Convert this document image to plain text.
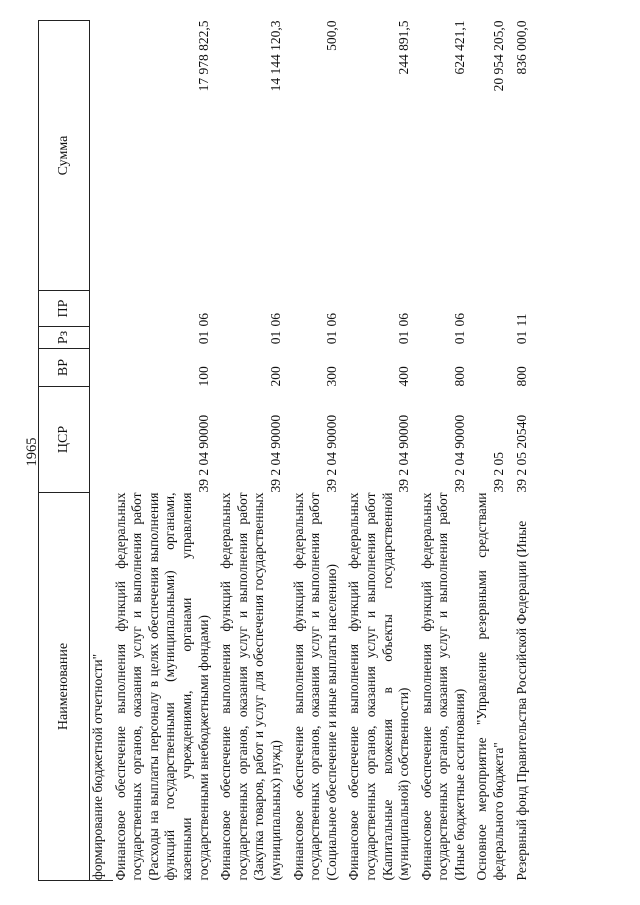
1965
Наименование	ЦСР	ВР	Рз	ПР	Сумма
формирование бюджетной отчетности"					
Финансовое обеспечение выполнения функций федеральных государственных органов, оказания услуг и выполнения работ (Расходы на выплаты персоналу в целях обеспечения выполнения функций государственными (муниципальными) органами, казенными учреждениями, органами управления государственными внебюджетными фондами)	39 2 04 90000	100	01	06	17 978 822,5

Финансовое обеспечение выполнения функций федеральных государственных органов, оказания услуг и выполнения работ (Закупка товаров, работ и услуг для обеспечения государственных (муниципальных) нужд)	39 2 04 90000	200	01	06	14 144 120,3

Финансовое обеспечение выполнения функций федеральных государственных органов, оказания услуг и выполнения работ (Социальное обеспечение и иные выплаты населению)	39 2 04 90000	300	01	06	500,0

Финансовое обеспечение выполнения функций федеральных государственных органов, оказания услуг и выполнения работ (Капитальные вложения в объекты государственной (муниципальной) собственности)	39 2 04 90000	400	01	06	244 891,5

Финансовое обеспечение выполнения функций федеральных государственных органов, оказания услуг и выполнения работ (Иные бюджетные ассигнования)	39 2 04 90000	800	01	06	624 421,1

Основное мероприятие "Управление резервными средствами федерального бюджета"	39 2 05				20 954 205,0

Резервный фонд Правительства Российской Федерации (Иные	39 2 05 20540	800	01	11	836 000,0
